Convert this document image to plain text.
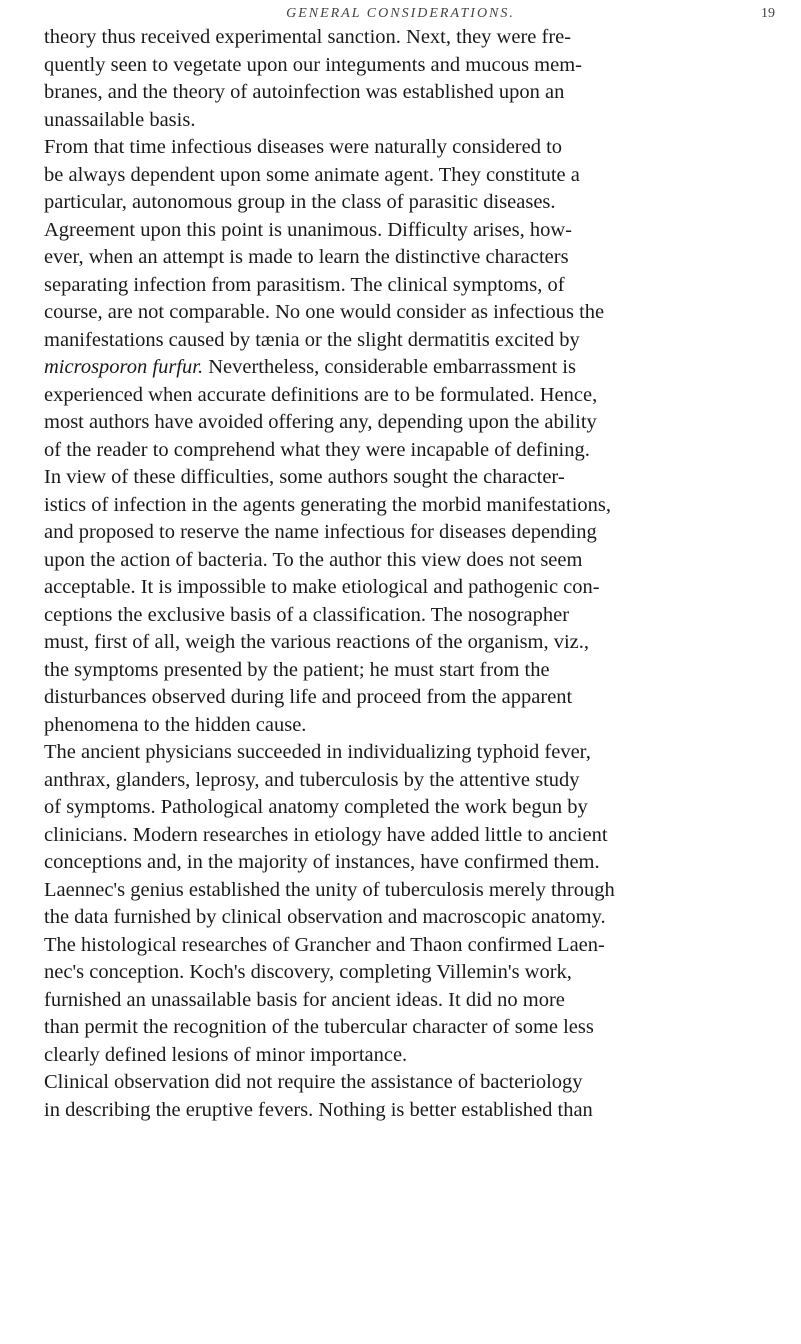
GENERAL CONSIDERATIONS.	19
theory thus received experimental sanction. Next, they were fre-
quently seen to vegetate upon our integuments and mucous mem-
branes, and the theory of autoinfection was established upon an
unassailable basis.
From that time infectious diseases were naturally considered to
be always dependent upon some animate agent. They constitute a
particular, autonomous group in the class of parasitic diseases.
Agreement upon this point is unanimous. Difficulty arises, how-
ever, when an attempt is made to learn the distinctive characters
separating infection from parasitism. The clinical symptoms, of
course, are not comparable. No one would consider as infectious the
manifestations caused by tænia or the slight dermatitis excited by
microsporon furfur. Nevertheless, considerable embarrassment is
experienced when accurate definitions are to be formulated. Hence,
most authors have avoided offering any, depending upon the ability
of the reader to comprehend what they were incapable of defining.
In view of these difficulties, some authors sought the character-
istics of infection in the agents generating the morbid manifestations,
and proposed to reserve the name infectious for diseases depending
upon the action of bacteria. To the author this view does not seem
acceptable. It is impossible to make etiological and pathogenic con-
ceptions the exclusive basis of a classification. The nosographer
must, first of all, weigh the various reactions of the organism, viz.,
the symptoms presented by the patient; he must start from the
disturbances observed during life and proceed from the apparent
phenomena to the hidden cause.
The ancient physicians succeeded in individualizing typhoid fever,
anthrax, glanders, leprosy, and tuberculosis by the attentive study
of symptoms. Pathological anatomy completed the work begun by
clinicians. Modern researches in etiology have added little to ancient
conceptions and, in the majority of instances, have confirmed them.
Laennec's genius established the unity of tuberculosis merely through
the data furnished by clinical observation and macroscopic anatomy.
The histological researches of Grancher and Thaon confirmed Laen-
nec's conception. Koch's discovery, completing Villemin's work,
furnished an unassailable basis for ancient ideas. It did no more
than permit the recognition of the tubercular character of some less
clearly defined lesions of minor importance.
Clinical observation did not require the assistance of bacteriology
in describing the eruptive fevers. Nothing is better established than
